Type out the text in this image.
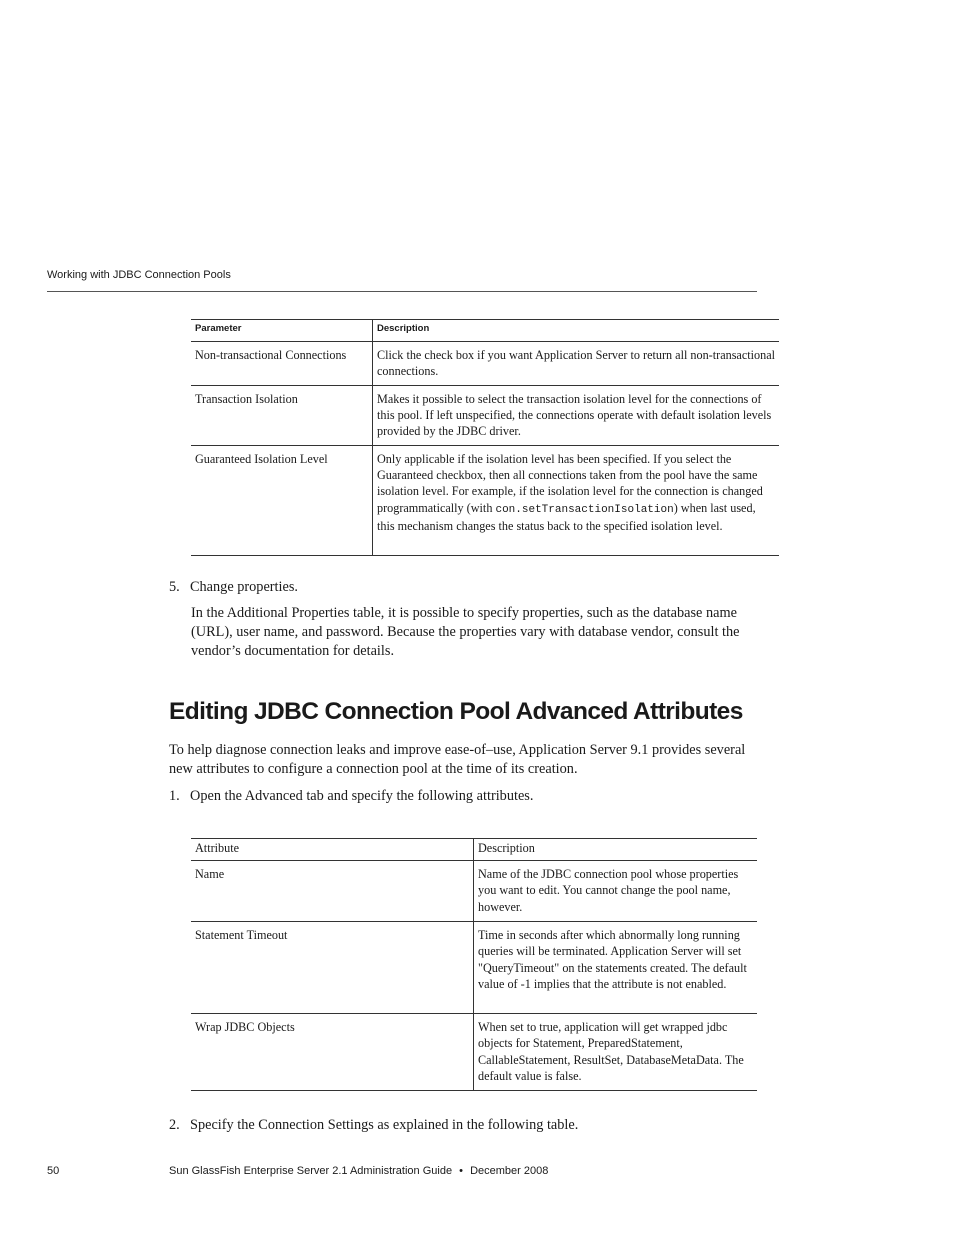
Working with JDBC Connection Pools
Parameter	Description
Non-transactional Connections	Click the check box if you want Application Server to return all non-transactional connections.
Transaction Isolation	Makes it possible to select the transaction isolation level for the connections of this pool. If left unspecified, the connections operate with default isolation levels provided by the JDBC driver.
Guaranteed Isolation Level	Only applicable if the isolation level has been specified. If you select the Guaranteed checkbox, then all connections taken from the pool have the same isolation level. For example, if the isolation level for the connection is changed programmatically (with con.setTransactionIsolation) when last used, this mechanism changes the status back to the specified isolation level.
5. Change properties.
In the Additional Properties table, it is possible to specify properties, such as the database name (URL), user name, and password. Because the properties vary with database vendor, consult the vendor’s documentation for details.
Editing JDBC Connection Pool Advanced Attributes
To help diagnose connection leaks and improve ease-of–use, Application Server 9.1 provides several new attributes to configure a connection pool at the time of its creation.
1. Open the Advanced tab and specify the following attributes.
Attribute	Description
Name	Name of the JDBC connection pool whose properties you want to edit. You cannot change the pool name, however.
Statement Timeout	Time in seconds after which abnormally long running queries will be terminated. Application Server will set "QueryTimeout" on the statements created. The default value of -1 implies that the attribute is not enabled.
Wrap JDBC Objects	When set to true, application will get wrapped jdbc objects for Statement, PreparedStatement, CallableStatement, ResultSet, DatabaseMetaData. The default value is false.
2. Specify the Connection Settings as explained in the following table.
50	Sun GlassFish Enterprise Server 2.1 Administration Guide • December 2008
